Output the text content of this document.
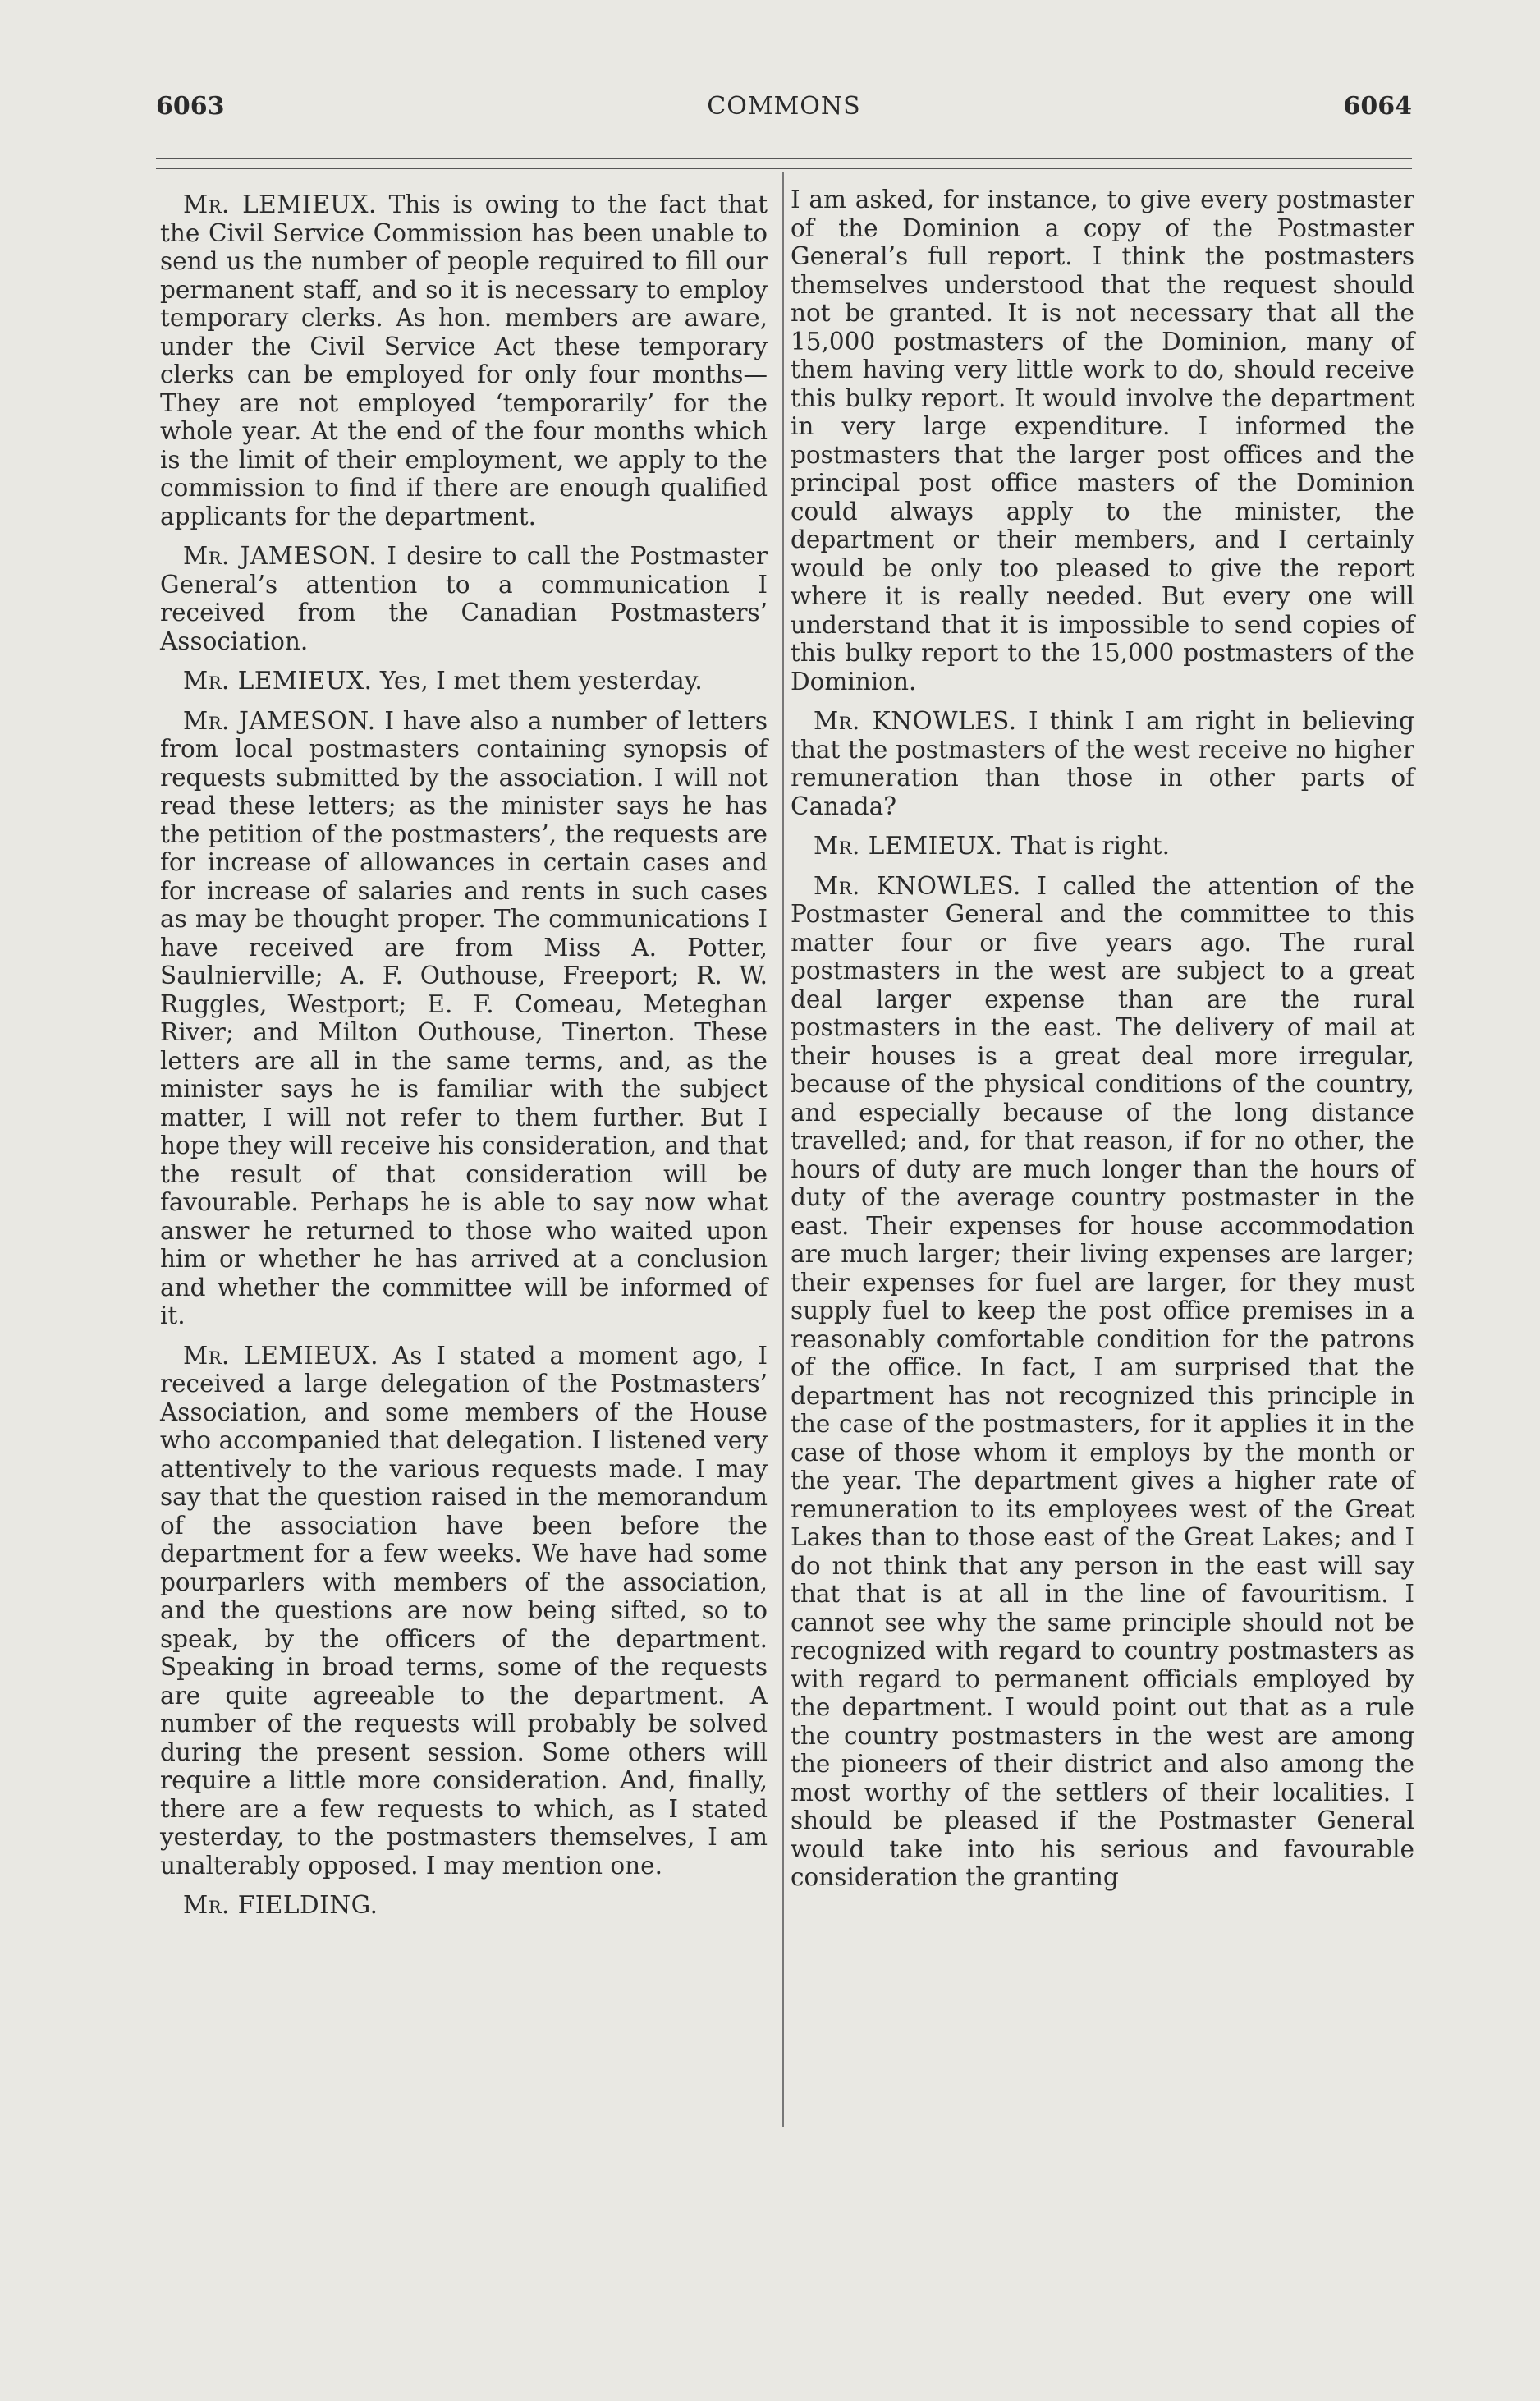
6063	COMMONS	6064

Mr. LEMIEUX. This is owing to the fact that the Civil Service Commission has been unable to send us the number of people required to fill our permanent staff, and so it is necessary to employ temporary clerks. As hon. members are aware, under the Civil Service Act these temporary clerks can be employed for only four months— They are not employed ‘temporarily’ for the whole year. At the end of the four months which is the limit of their employment, we apply to the commission to find if there are enough qualified applicants for the department.

Mr. JAMESON. I desire to call the Postmaster General’s attention to a communication I received from the Canadian Postmasters’ Association.

Mr. LEMIEUX. Yes, I met them yesterday.

Mr. JAMESON. I have also a number of letters from local postmasters containing synopsis of requests submitted by the association. I will not read these letters; as the minister says he has the petition of the postmasters’, the requests are for increase of allowances in certain cases and for increase of salaries and rents in such cases as may be thought proper. The communications I have received are from Miss A. Potter, Saulnierville; A. F. Outhouse, Freeport; R. W. Ruggles, Westport; E. F. Comeau, Meteghan River; and Milton Outhouse, Tinerton. These letters are all in the same terms, and, as the minister says he is familiar with the subject matter, I will not refer to them further. But I hope they will receive his consideration, and that the result of that consideration will be favourable. Perhaps he is able to say now what answer he returned to those who waited upon him or whether he has arrived at a conclusion and whether the committee will be informed of it.

Mr. LEMIEUX. As I stated a moment ago, I received a large delegation of the Postmasters’ Association, and some members of the House who accompanied that delegation. I listened very attentively to the various requests made. I may say that the question raised in the memorandum of the association have been before the department for a few weeks. We have had some pourparlers with members of the association, and the questions are now being sifted, so to speak, by the officers of the department. Speaking in broad terms, some of the requests are quite agreeable to the department. A number of the requests will probably be solved during the present session. Some others will require a little more consideration. And, finally, there are a few requests to which, as I stated yesterday, to the postmasters themselves, I am unalterably opposed. I may mention one.

Mr. FIELDING.

I am asked, for instance, to give every postmaster of the Dominion a copy of the Postmaster General’s full report. I think the postmasters themselves understood that the request should not be granted. It is not necessary that all the 15,000 postmasters of the Dominion, many of them having very little work to do, should receive this bulky report. It would involve the department in very large expenditure. I informed the postmasters that the larger post offices and the principal post office masters of the Dominion could always apply to the minister, the department or their members, and I certainly would be only too pleased to give the report where it is really needed. But every one will understand that it is impossible to send copies of this bulky report to the 15,000 postmasters of the Dominion.

Mr. KNOWLES. I think I am right in believing that the postmasters of the west receive no higher remuneration than those in other parts of Canada?

Mr. LEMIEUX. That is right.

Mr. KNOWLES. I called the attention of the Postmaster General and the committee to this matter four or five years ago. The rural postmasters in the west are subject to a great deal larger expense than are the rural postmasters in the east. The delivery of mail at their houses is a great deal more irregular, because of the physical conditions of the country, and especially because of the long distance travelled; and, for that reason, if for no other, the hours of duty are much longer than the hours of duty of the average country postmaster in the east. Their expenses for house accommodation are much larger; their living expenses are larger; their expenses for fuel are larger, for they must supply fuel to keep the post office premises in a reasonably comfortable condition for the patrons of the office. In fact, I am surprised that the department has not recognized this principle in the case of the postmasters, for it applies it in the case of those whom it employs by the month or the year. The department gives a higher rate of remuneration to its employees west of the Great Lakes than to those east of the Great Lakes; and I do not think that any person in the east will say that that is at all in the line of favouritism. I cannot see why the same principle should not be recognized with regard to country postmasters as with regard to permanent officials employed by the department. I would point out that as a rule the country postmasters in the west are among the pioneers of their district and also among the most worthy of the settlers of their localities. I should be pleased if the Postmaster General would take into his serious and favourable consideration the granting
